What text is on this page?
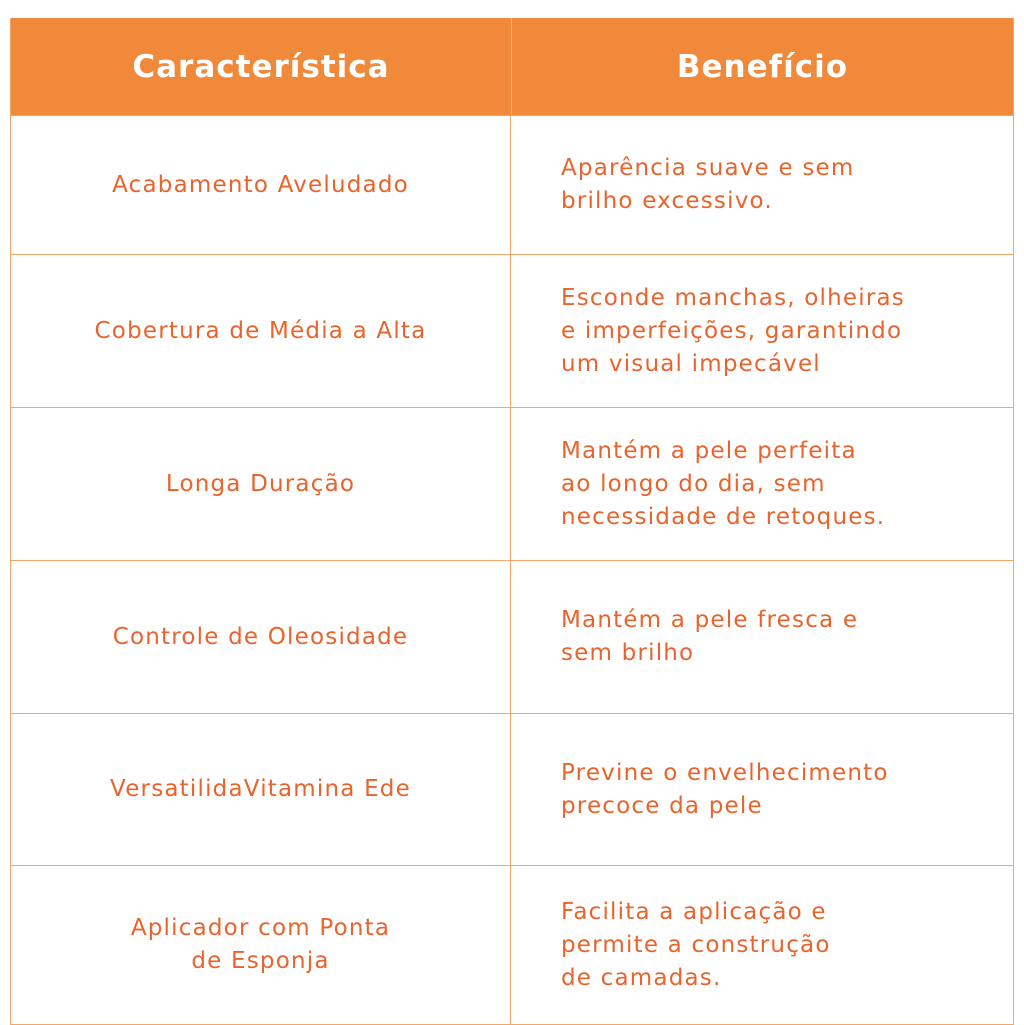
Característica	Benefício
Acabamento Aveludado
Aparência suave e sem
brilho excessivo.
Cobertura de Média a Alta
Esconde manchas, olheiras
e imperfeições, garantindo
um visual impecável
Longa Duração
Mantém a pele perfeita
ao longo do dia, sem
necessidade de retoques.
Controle de Oleosidade
Mantém a pele fresca e
sem brilho
VersatilidaVitamina Ede
Previne o envelhecimento
precoce da pele
Aplicador com Ponta
de Esponja
Facilita a aplicação e
permite a construção
de camadas.
